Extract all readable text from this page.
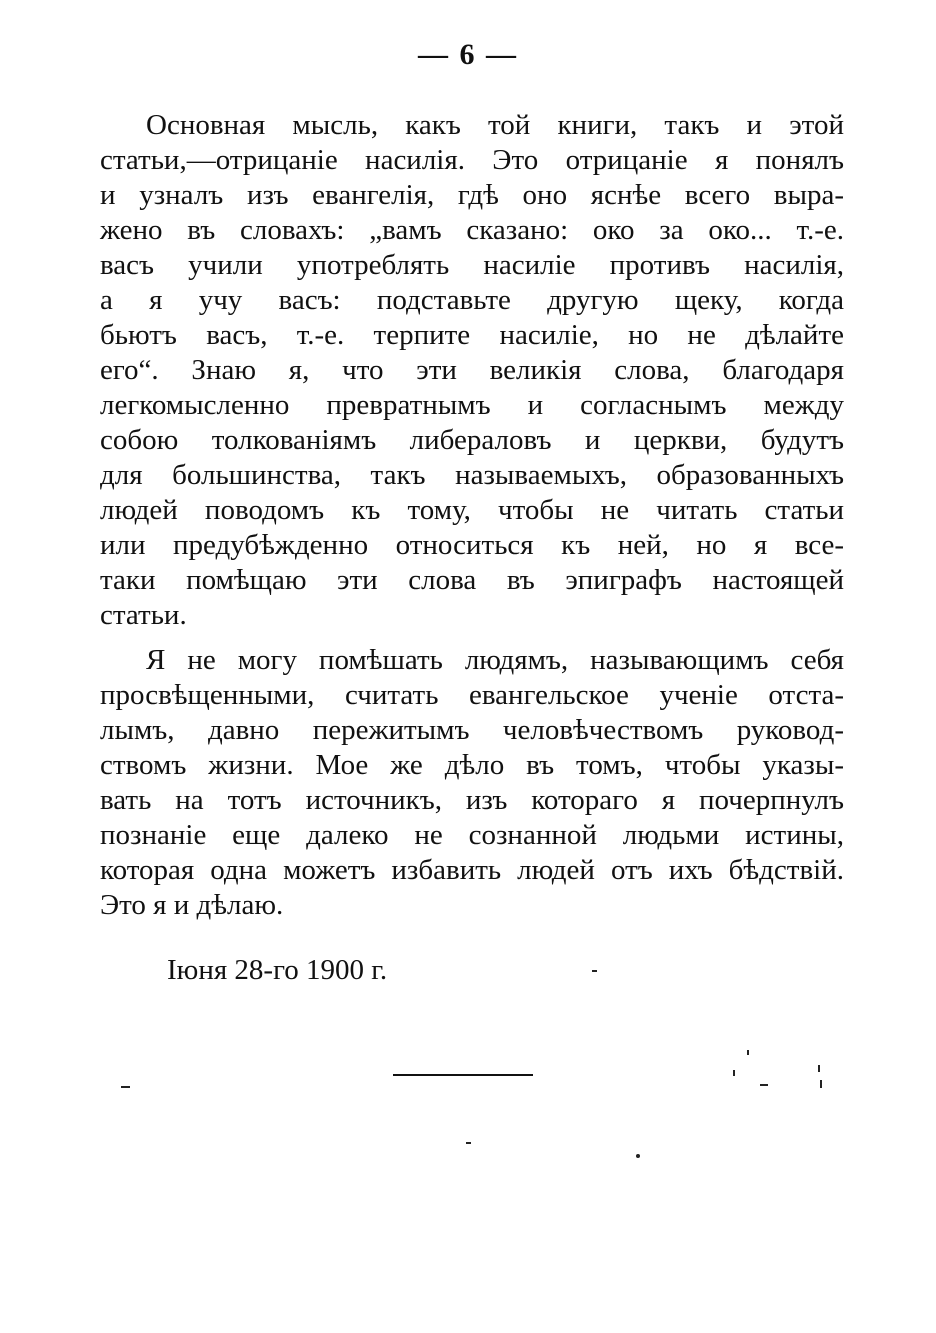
— 6 —
Основная мысль, какъ той книги, такъ и этой
статьи,—отрицаніе насилія. Это отрицаніе я понялъ
и узналъ изъ евангелія, гдѣ оно яснѣе всего выра-
жено въ словахъ: „вамъ сказано: око за око... т.-е.
васъ учили употреблять насиліе противъ насилія,
а я учу васъ: подставьте другую щеку, когда
бьютъ васъ, т.-е. терпите насиліе, но не дѣлайте
его“. Знаю я, что эти великія слова, благодаря
легкомысленно превратнымъ и согласнымъ между
собою толкованіямъ либераловъ и церкви, будутъ
для большинства, такъ называемыхъ, образованныхъ
людей поводомъ къ тому, чтобы не читать статьи
или предубѣжденно относиться къ ней, но я все-
таки помѣщаю эти слова въ эпиграфъ настоящей
статьи.
Я не могу помѣшать людямъ, называющимъ себя
просвѣщенными, считать евангельское ученіе отста-
лымъ, давно пережитымъ человѣчествомъ руковод-
ствомъ жизни. Мое же дѣло въ томъ, чтобы указы-
вать на тотъ источникъ, изъ котораго я почерпнулъ
познаніе еще далеко не сознанной людьми истины,
которая одна можетъ избавить людей отъ ихъ бѣдствій.
Это я и дѣлаю.
Іюня 28-го 1900 г.
